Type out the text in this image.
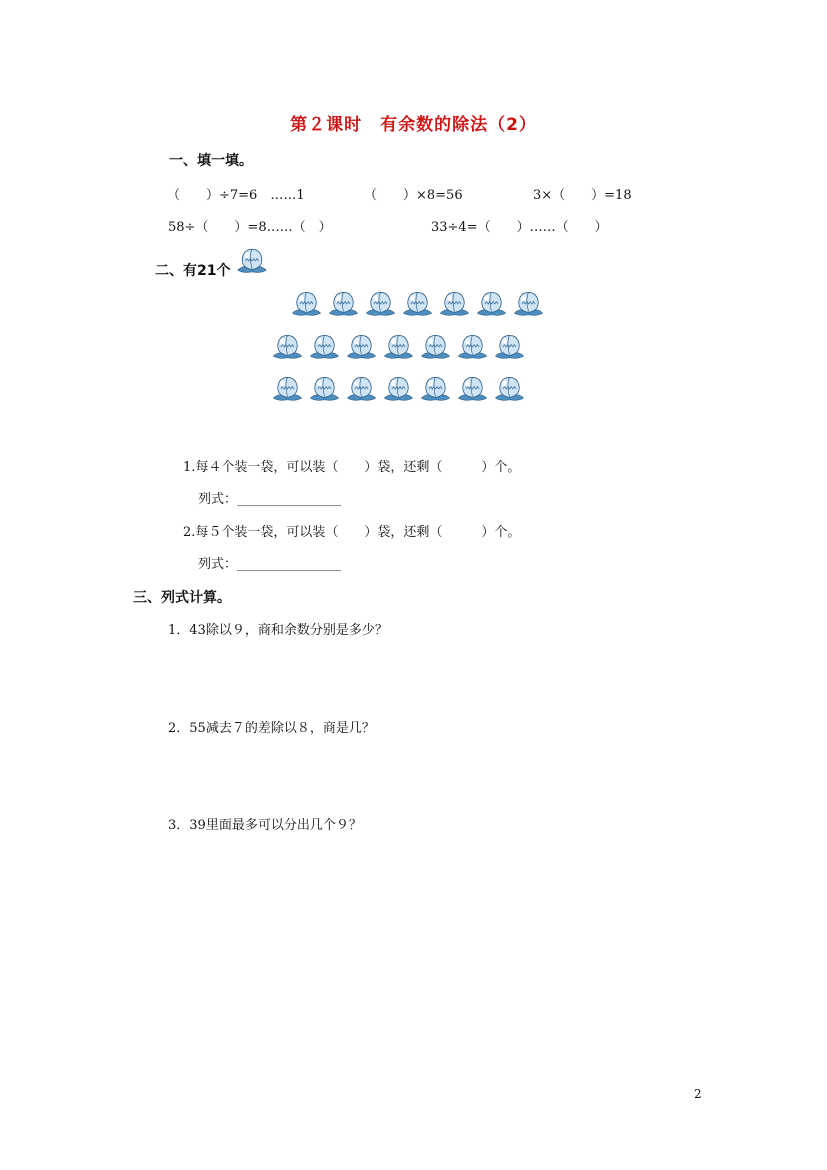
第２课时　有余数的除法（2）
一、填一填。
（　　）÷7=6　……1	（　　）×8=56	3×（　　）=18
58÷（　　）=8……（　）	33÷4=（　　）……（　　）
二、有21个
1.每４个装一袋，可以装（　　）袋，还剩（　　　）个。
列式：________________
2.每５个装一袋，可以装（　　）袋，还剩（　　　）个。
列式：________________
三、列式计算。
1．43除以９，商和余数分别是多少？
2．55减去７的差除以８，商是几？
3．39里面最多可以分出几个９？
2
